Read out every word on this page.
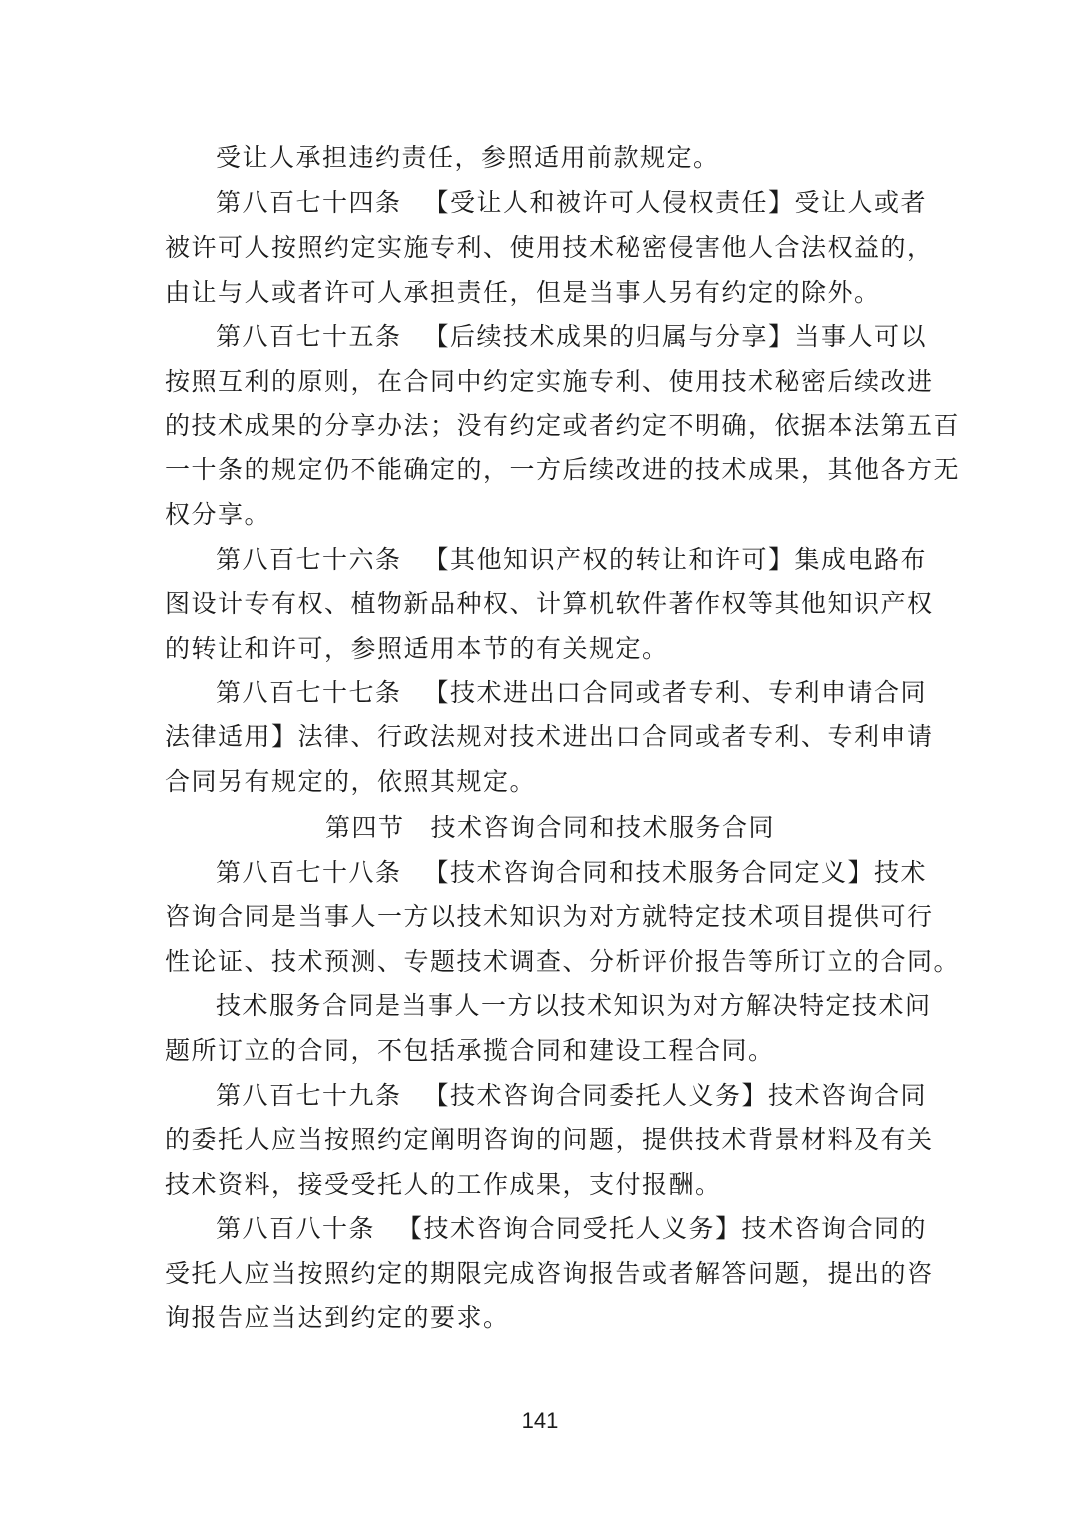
受让人承担违约责任，参照适用前款规定。
第八百七十四条 【受让人和被许可人侵权责任】受让人或者
被许可人按照约定实施专利、使用技术秘密侵害他人合法权益的，
由让与人或者许可人承担责任，但是当事人另有约定的除外。
第八百七十五条 【后续技术成果的归属与分享】当事人可以
按照互利的原则，在合同中约定实施专利、使用技术秘密后续改进
的技术成果的分享办法；没有约定或者约定不明确，依据本法第五百
一十条的规定仍不能确定的，一方后续改进的技术成果，其他各方无
权分享。
第八百七十六条 【其他知识产权的转让和许可】集成电路布
图设计专有权、植物新品种权、计算机软件著作权等其他知识产权
的转让和许可，参照适用本节的有关规定。
第八百七十七条 【技术进出口合同或者专利、专利申请合同
法律适用】法律、行政法规对技术进出口合同或者专利、专利申请
合同另有规定的，依照其规定。
第四节 技术咨询合同和技术服务合同
第八百七十八条 【技术咨询合同和技术服务合同定义】技术
咨询合同是当事人一方以技术知识为对方就特定技术项目提供可行
性论证、技术预测、专题技术调查、分析评价报告等所订立的合同。
技术服务合同是当事人一方以技术知识为对方解决特定技术问
题所订立的合同，不包括承揽合同和建设工程合同。
第八百七十九条 【技术咨询合同委托人义务】技术咨询合同
的委托人应当按照约定阐明咨询的问题，提供技术背景材料及有关
技术资料，接受受托人的工作成果，支付报酬。
第八百八十条 【技术咨询合同受托人义务】技术咨询合同的
受托人应当按照约定的期限完成咨询报告或者解答问题，提出的咨
询报告应当达到约定的要求。
141
